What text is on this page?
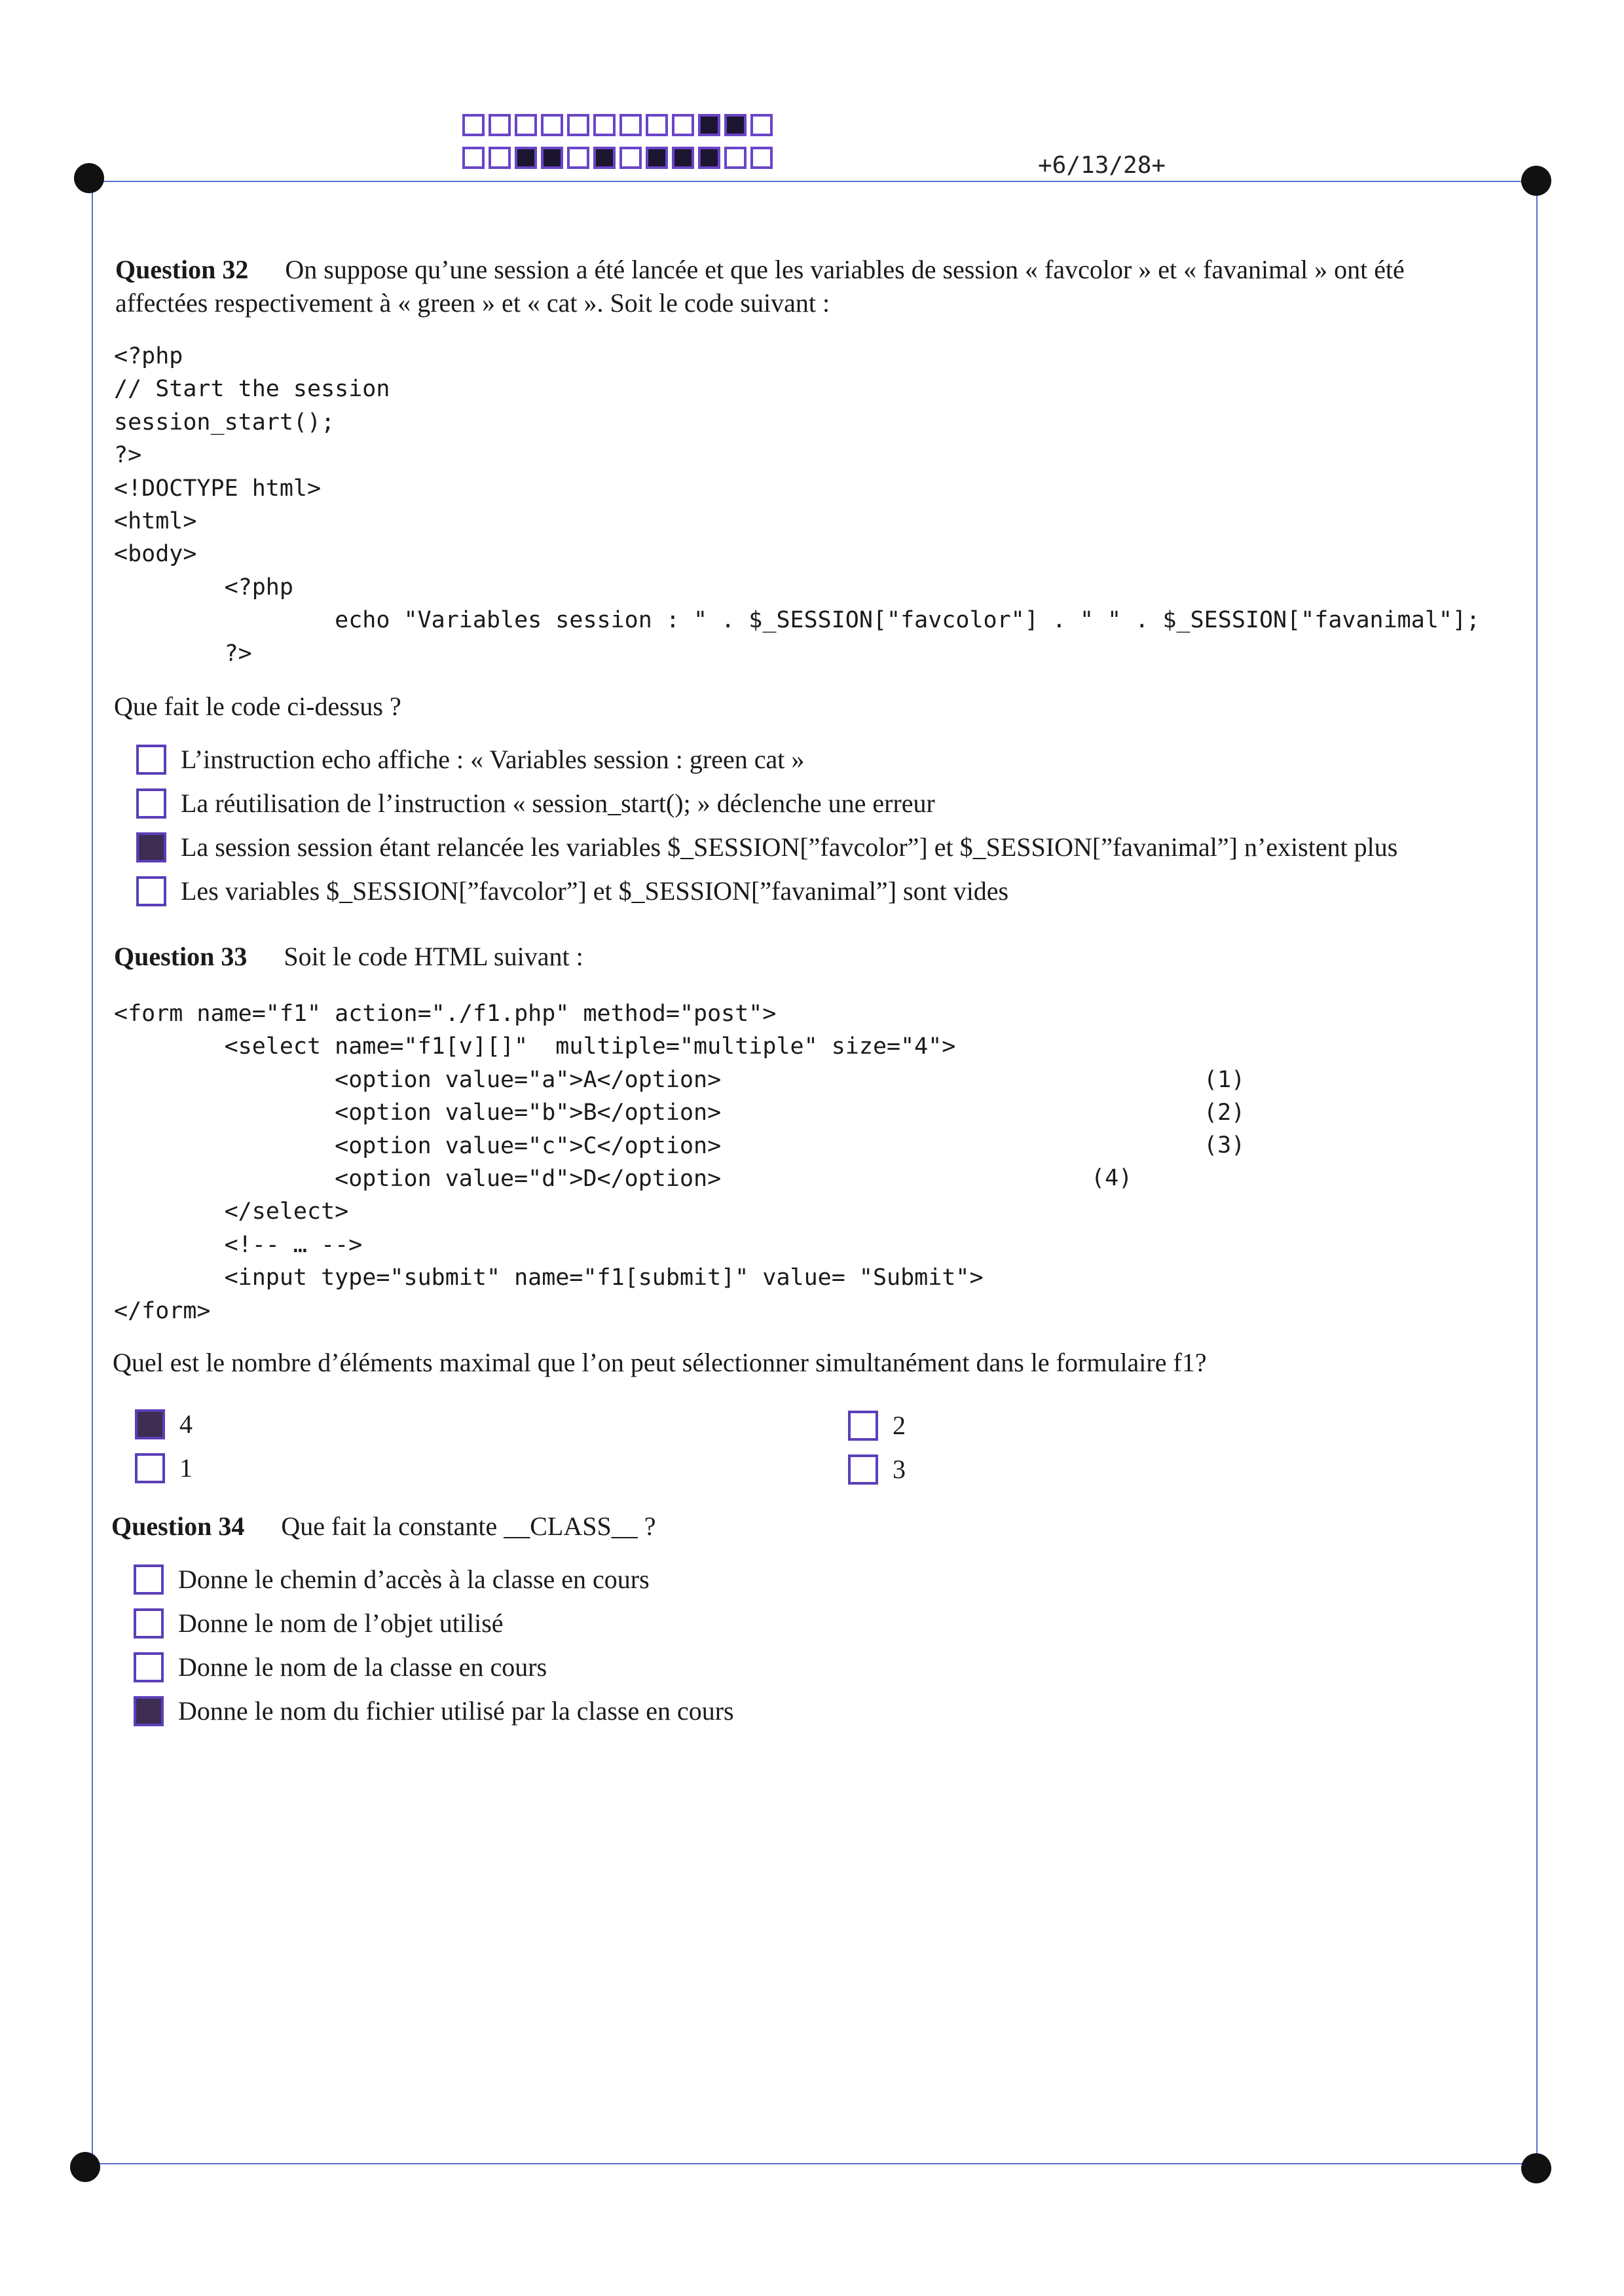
+6/13/28+
Question 32 On suppose qu’une session a été lancée et que les variables de session « favcolor » et « favanimal » ont été
affectées respectivement à « green » et « cat ». Soit le code suivant :
<?php
// Start the session
session_start();
?>
<!DOCTYPE html>
<html>
<body>
<?php
echo "Variables session : " . $_SESSION["favcolor"] . " " . $_SESSION["favanimal"];
?>
Que fait le code ci-dessus ?
L’instruction echo affiche : « Variables session : green cat »
La réutilisation de l’instruction « session_start(); » déclenche une erreur
La session session étant relancée les variables $_SESSION[”favcolor”] et $_SESSION[”favanimal”] n’existent plus
Les variables $_SESSION[”favcolor”] et $_SESSION[”favanimal”] sont vides
Question 33 Soit le code HTML suivant :
<form name="f1" action="./f1.php" method="post">
<select name="f1[v][]"  multiple="multiple" size="4">
<option value="a">A</option>
<option value="b">B</option>
<option value="c">C</option>
<option value="d">D</option>
</select>
<!-- … -->
<input type="submit" name="f1[submit]" value= "Submit">
</form>
(1)
(2)
(3)
(4)
Quel est le nombre d’éléments maximal que l’on peut sélectionner simultanément dans le formulaire f1?
4
1
2
3
Question 34 Que fait la constante __CLASS__ ?
Donne le chemin d’accès à la classe en cours
Donne le nom de l’objet utilisé
Donne le nom de la classe en cours
Donne le nom du fichier utilisé par la classe en cours
